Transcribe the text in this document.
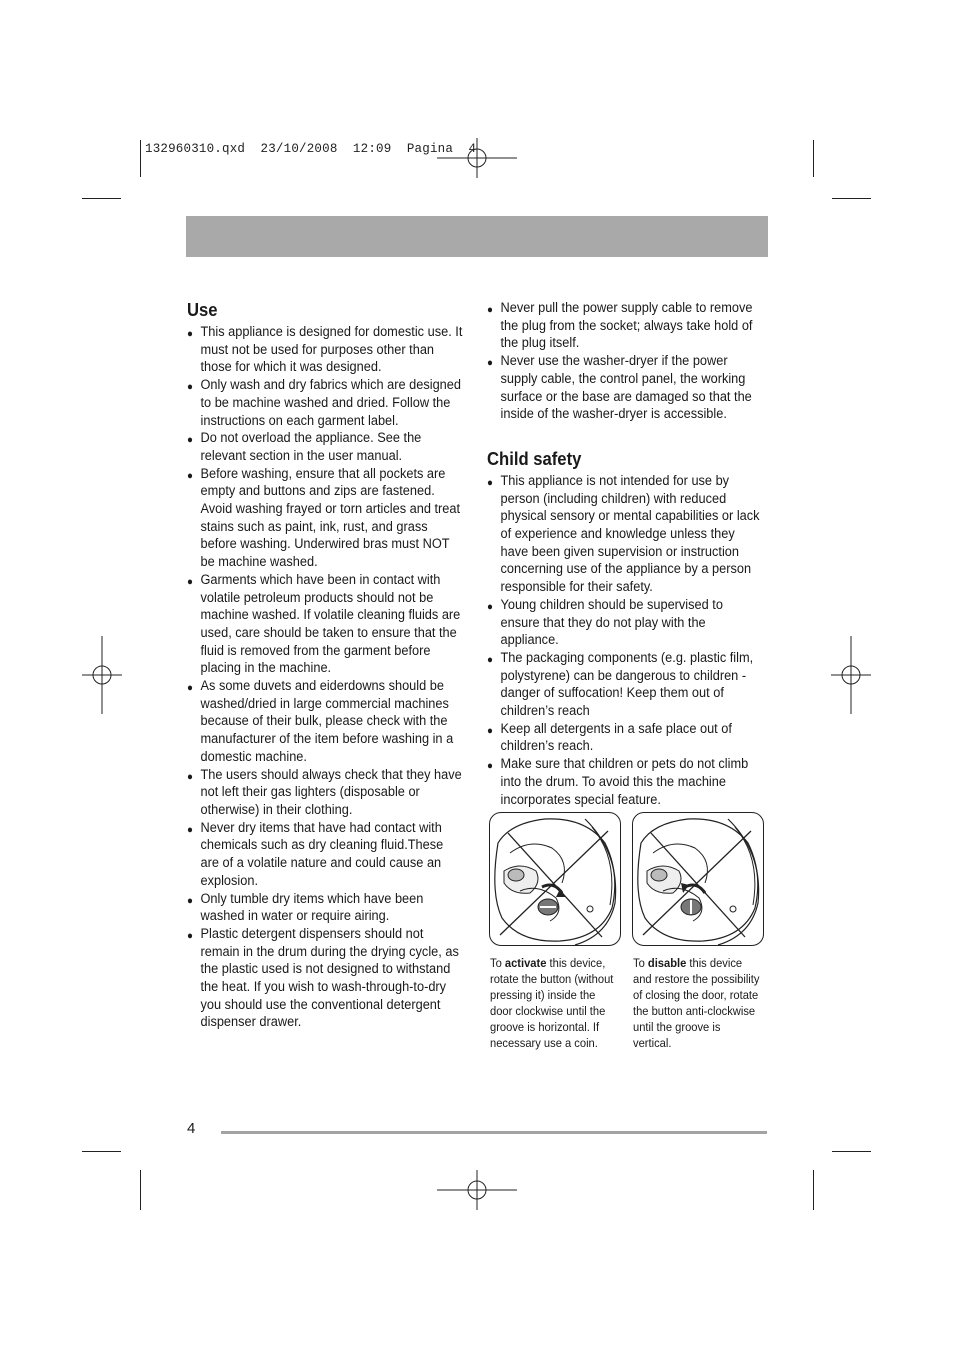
132960310.qxd  23/10/2008  12:09  Pagina  4
Use
● This appliance is designed for domestic use. It must not be used for purposes other than those for which it was designed.
● Only wash and dry fabrics which are designed to be machine washed and dried. Follow the instructions on each garment label.
● Do not overload the appliance. See the relevant section in the user manual.
● Before washing, ensure that all pockets are empty and buttons and zips are fastened. Avoid washing frayed or torn articles and treat stains such as paint, ink, rust, and grass before washing. Underwired bras must NOT be machine washed.
● Garments which have been in contact with volatile petroleum products should not be machine washed. If volatile cleaning fluids are used, care should be taken to ensure that the fluid is removed from the garment before placing in the machine.
● As some duvets and eiderdowns should be washed/dried in large commercial machines because of their bulk, please check with the manufacturer of the item before washing in a domestic machine.
● The users should always check that they have not left their gas lighters (disposable or otherwise) in their clothing.
● Never dry items that have had contact with chemicals such as dry cleaning fluid.These are of a volatile nature and could cause an explosion.
● Only tumble dry items which have been washed in water or require airing.
● Plastic detergent dispensers should not remain in the drum during the drying cycle, as the plastic used is not designed to withstand the heat. If you wish to wash-through-to-dry you should use the conventional detergent dispenser drawer.
● Never pull the power supply cable to remove the plug from the socket; always take hold of the plug itself.
● Never use the washer-dryer if the power supply cable, the control panel, the working surface or the base are damaged so that the inside of the washer-dryer is accessible.
Child safety
● This appliance is not intended for use by person (including children) with reduced physical sensory or mental capabilities or lack of experience and knowledge unless they have been given supervision or instruction concerning use of the appliance by a person responsible for their safety.
● Young children should be supervised to ensure that they do not play with the appliance.
● The packaging components (e.g. plastic film, polystyrene) can be dangerous to children - danger of suffocation! Keep them out of children’s reach
● Keep all detergents in a safe place out of children’s reach.
● Make sure that children or pets do not climb into the drum. To avoid this the machine incorporates special feature.
To activate this device, rotate the button (without pressing it) inside the door clockwise until the groove is horizontal. If necessary use a coin.
To disable this device and restore the possibility of closing the door, rotate the button anti-clockwise until the groove is vertical.
4
